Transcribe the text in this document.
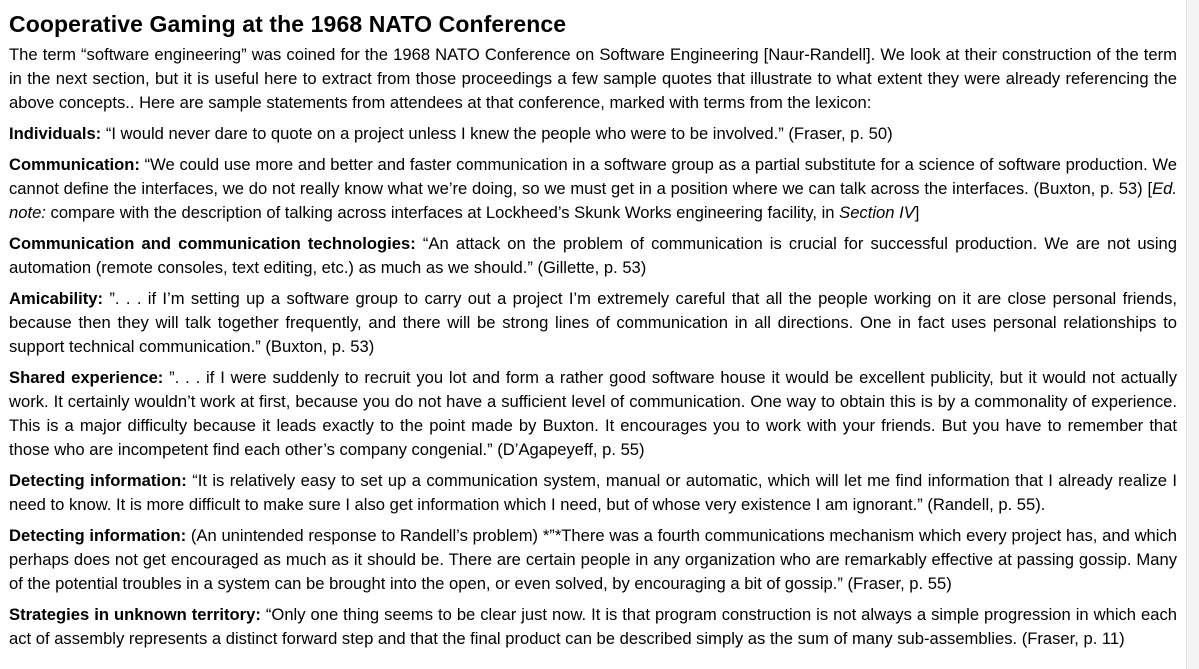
Cooperative Gaming at the 1968 NATO Conference

The term “software engineering” was coined for the 1968 NATO Conference on Software Engineering [Naur-Randell]. We look at their construction of the term in the next section, but it is useful here to extract from those proceedings a few sample quotes that illustrate to what extent they were already referencing the above concepts.. Here are sample statements from attendees at that conference, marked with terms from the lexicon:

Individuals: “I would never dare to quote on a project unless I knew the people who were to be involved.” (Fraser, p. 50)

Communication: “We could use more and better and faster communication in a software group as a partial substitute for a science of software production. We cannot define the interfaces, we do not really know what we’re doing, so we must get in a position where we can talk across the interfaces. (Buxton, p. 53) [Ed. note: compare with the description of talking across interfaces at Lockheed’s Skunk Works engineering facility, in Section IV]

Communication and communication technologies: “An attack on the problem of communication is crucial for successful production. We are not using automation (remote consoles, text editing, etc.) as much as we should.” (Gillette, p. 53)

Amicability: ”. . . if I’m setting up a software group to carry out a project I’m extremely careful that all the people working on it are close personal friends, because then they will talk together frequently, and there will be strong lines of communication in all directions. One in fact uses personal relationships to support technical communication.” (Buxton, p. 53)

Shared experience: ”. . . if I were suddenly to recruit you lot and form a rather good software house it would be excellent publicity, but it would not actually work. It certainly wouldn’t work at first, because you do not have a sufficient level of communication. One way to obtain this is by a commonality of experience. This is a major difficulty because it leads exactly to the point made by Buxton. It encourages you to work with your friends. But you have to remember that those who are incompetent find each other’s company congenial.” (D’Agapeyeff, p. 55)

Detecting information: “It is relatively easy to set up a communication system, manual or automatic, which will let me find information that I already realize I need to know. It is more difficult to make sure I also get information which I need, but of whose very existence I am ignorant.” (Randell, p. 55).

Detecting information: (An unintended response to Randell’s problem) *”*There was a fourth communications mechanism which every project has, and which perhaps does not get encouraged as much as it should be. There are certain people in any organization who are remarkably effective at passing gossip. Many of the potential troubles in a system can be brought into the open, or even solved, by encouraging a bit of gossip.” (Fraser, p. 55)

Strategies in unknown territory: “Only one thing seems to be clear just now. It is that program construction is not always a simple progression in which each act of assembly represents a distinct forward step and that the final product can be described simply as the sum of many sub-assemblies. (Fraser, p. 11)
